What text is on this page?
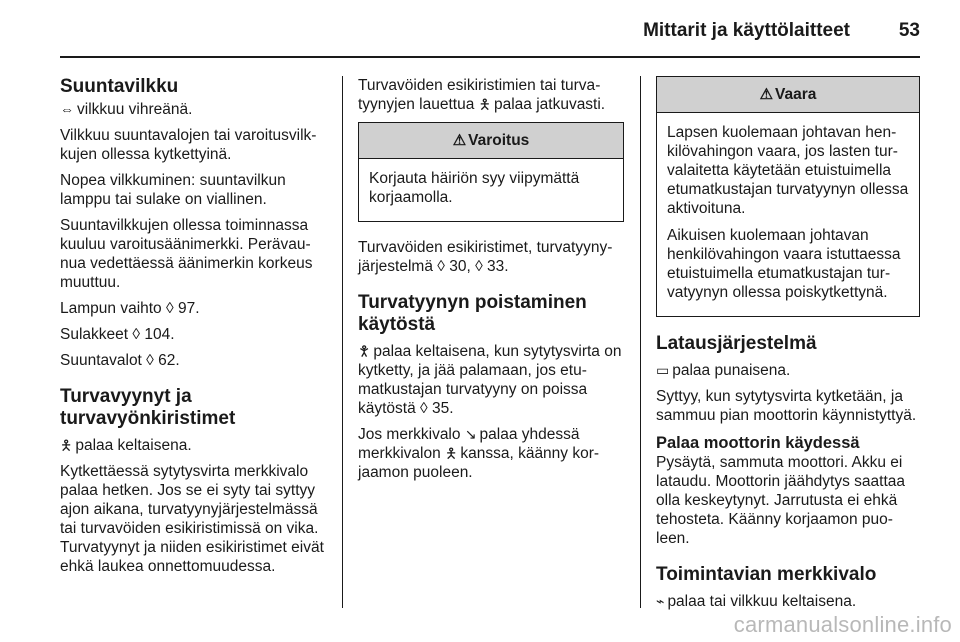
Mittarit ja käyttölaitteet	53
Suuntavilkku

⇔ vilkkuu vihreänä.

Vilkkuu suuntavalojen tai varoitusvilkkujen ollessa kytkettyinä.

Nopea vilkkuminen: suuntavilkun lamppu tai sulake on viallinen.

Suuntavilkkujen ollessa toiminnassa kuuluu varoitusäänimerkki. Perävaunua vedettäessä äänimerkin korkeus muuttuu.

Lampun vaihto ◊ 97.

Sulakkeet ◊ 104.

Suuntavalot ◊ 62.

Turvavyynyt ja turvavyönkiristimet

🯅 palaa keltaisena.

Kytkettäessä sytytysvirta merkkivalo palaa hetken. Jos se ei syty tai syttyy ajon aikana, turvatyynyjärjestelmässä tai turvavöiden esikiristimissä on vika. Turvatyynyt ja niiden esikiristimet eivät ehkä laukea onnettomuudessa.

Turvavöiden esikiristimien tai turvatyynyjen lauettua 🯅 palaa jatkuvasti.

⚠ Varoitus

Korjauta häiriön syy viipymättä korjaamolla.

Turvavöiden esikiristimet, turvatyynyjärjestelmä ◊ 30, ◊ 33.

Turvatyynyn poistaminen käytöstä

🯆 palaa keltaisena, kun sytytysvirta on kytketty, ja jää palamaan, jos etumatkustajan turvatyyny on poissa käytöstä ◊ 35.

Jos merkkivalo ↘ palaa yhdessä merkkivalon 🯅 kanssa, käänny korjaamon puoleen.

⚠ Vaara

Lapsen kuolemaan johtavan henkilövahingon vaara, jos lasten turvalaitetta käytetään etuistuimella etumatkustajan turvatyynyn ollessa aktivoituna.

Aikuisen kuolemaan johtavan henkilövahingon vaara istuttaessa etuistuimella etumatkustajan turvatyynyn ollessa poiskytkettynä.

Latausjärjestelmä

▭ palaa punaisena.

Syttyy, kun sytytysvirta kytketään, ja sammuu pian moottorin käynnistyttyä.

Palaa moottorin käydessä

Pysäytä, sammuta moottori. Akku ei lataudu. Moottorin jäähdytys saattaa olla keskeytynyt. Jarrutusta ei ehkä tehosteta. Käänny korjaamon puoleen.

Toimintavian merkkivalo

⌁ palaa tai vilkkuu keltaisena.

carmanualsonline.info
